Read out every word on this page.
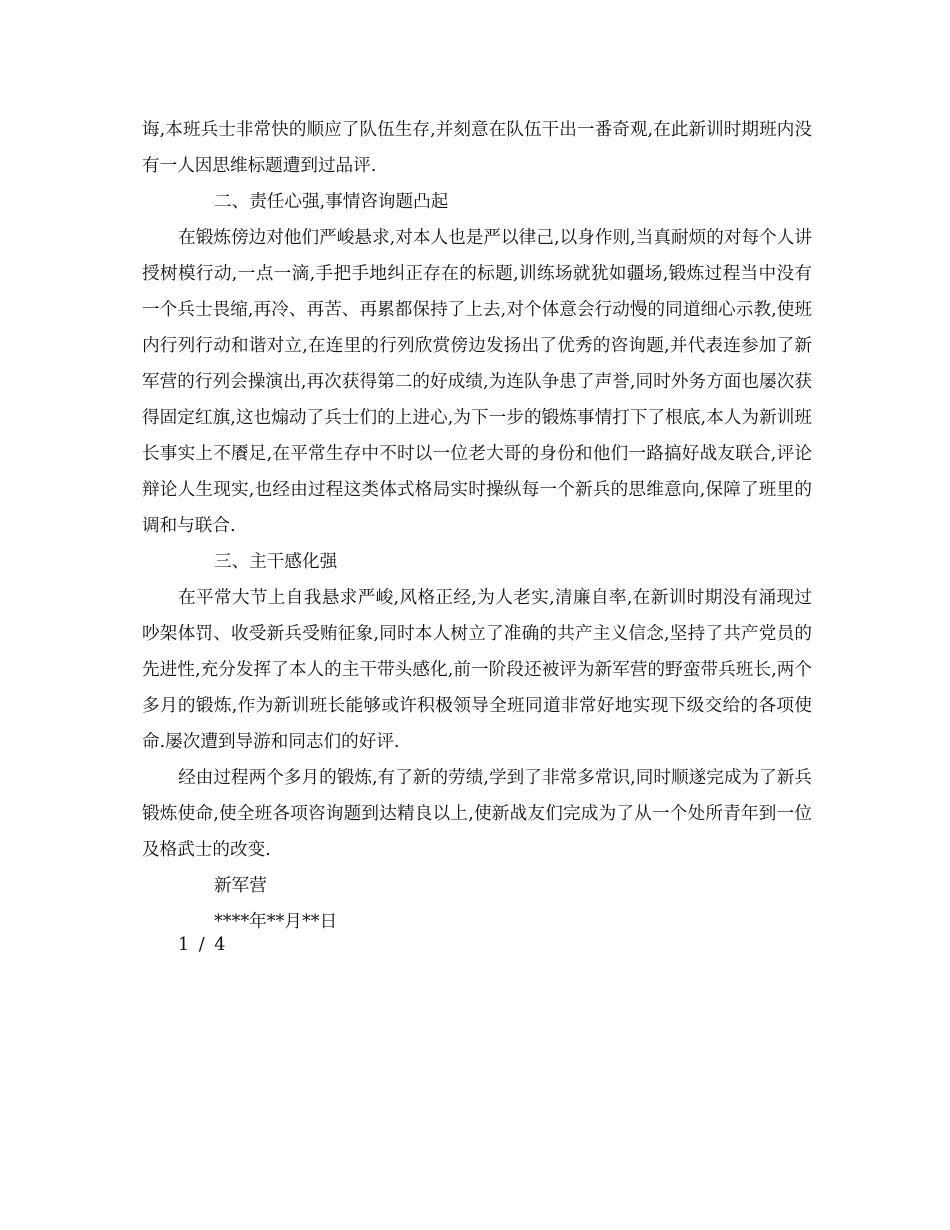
诲,本班兵士非常快的顺应了队伍生存,并刻意在队伍干出一番奇观,在此新训时期班内没有一人因思维标题遭到过品评.

二、责任心强,事情咨询题凸起

在锻炼傍边对他们严峻悬求,对本人也是严以律己,以身作则,当真耐烦的对每个人讲授树模行动,一点一滴,手把手地纠正存在的标题,训练场就犹如疆场,锻炼过程当中没有一个兵士畏缩,再冷、再苦、再累都保持了上去,对个体意会行动慢的同道细心示教,使班内行列行动和谐对立,在连里的行列欣赏傍边发扬出了优秀的咨询题,并代表连参加了新军营的行列会操演出,再次获得第二的好成绩,为连队争患了声誉,同时外务方面也屡次获得固定红旗,这也煽动了兵士们的上进心,为下一步的锻炼事情打下了根底,本人为新训班长事实上不餍足,在平常生存中不时以一位老大哥的身份和他们一路搞好战友联合,评论辩论人生现实,也经由过程这类体式格局实时操纵每一个新兵的思维意向,保障了班里的调和与联合.

三、主干感化强

在平常大节上自我悬求严峻,风格正经,为人老实,清廉自率,在新训时期没有涌现过吵架体罚、收受新兵受贿征象,同时本人树立了准确的共产主义信念,坚持了共产党员的先进性,充分发挥了本人的主干带头感化,前一阶段还被评为新军营的野蛮带兵班长,两个多月的锻炼,作为新训班长能够或许积极领导全班同道非常好地实现下级交给的各项使命.屡次遭到导游和同志们的好评.

经由过程两个多月的锻炼,有了新的劳绩,学到了非常多常识,同时顺遂完成为了新兵锻炼使命,使全班各项咨询题到达精良以上,使新战友们完成为了从一个处所青年到一位及格武士的改变.

新军营

****年**月**日

1 / 4
